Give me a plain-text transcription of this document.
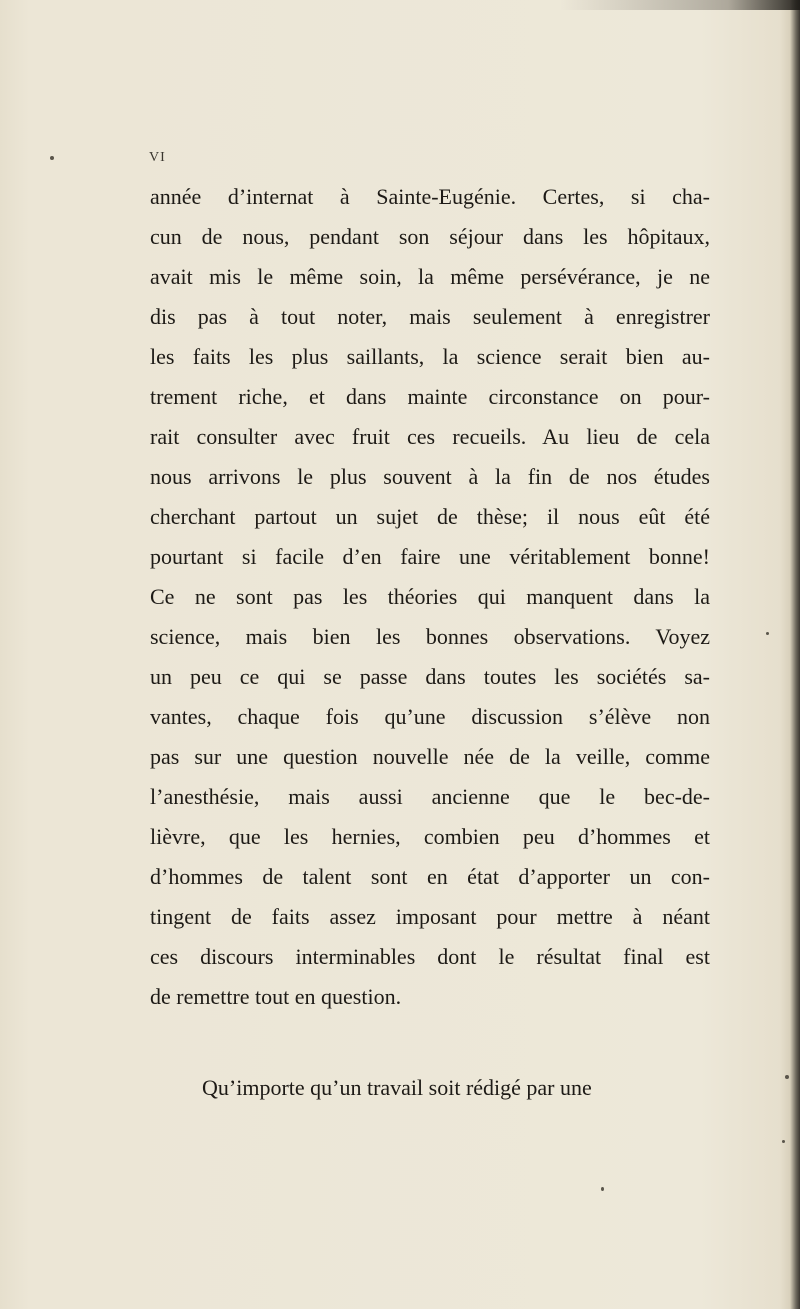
VI
année d’internat à Sainte-Eugénie. Certes, si cha-
cun de nous, pendant son séjour dans les hôpitaux,
avait mis le même soin, la même persévérance, je ne
dis pas à tout noter, mais seulement à enregistrer
les faits les plus saillants, la science serait bien au-
trement riche, et dans mainte circonstance on pour-
rait consulter avec fruit ces recueils. Au lieu de cela
nous arrivons le plus souvent à la fin de nos études
cherchant partout un sujet de thèse; il nous eût été
pourtant si facile d’en faire une véritablement bonne!
Ce ne sont pas les théories qui manquent dans la
science, mais bien les bonnes observations. Voyez
un peu ce qui se passe dans toutes les sociétés sa-
vantes, chaque fois qu’une discussion s’élève non
pas sur une question nouvelle née de la veille, comme
l’anesthésie, mais aussi ancienne que le bec-de-
lièvre, que les hernies, combien peu d’hommes et
d’hommes de talent sont en état d’apporter un con-
tingent de faits assez imposant pour mettre à néant
ces discours interminables dont le résultat final est
de remettre tout en question.
Qu’importe qu’un travail soit rédigé par une
